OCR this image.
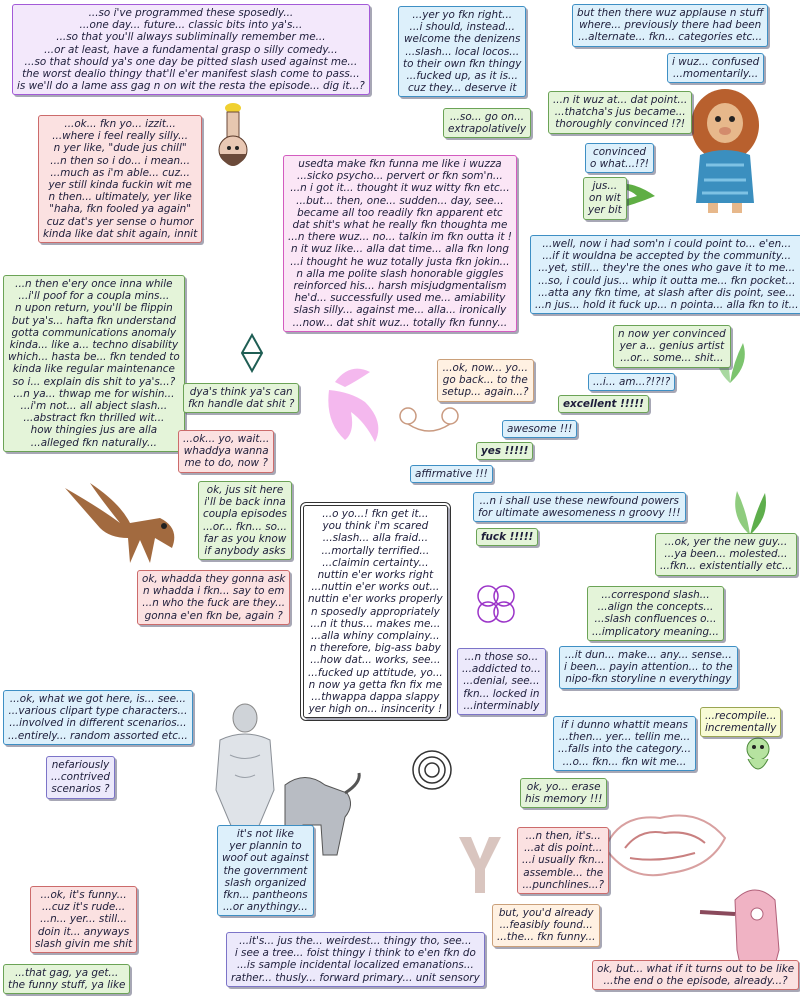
...so i've programmed these sposedly...
...one day... future... classic bits into ya's...
...so that you'll always subliminally remember me...
...or at least, have a fundamental grasp o silly comedy...
...so that should ya's one day be pitted slash used against me...
the worst dealio thingy that'll e'er manifest slash come to pass...
is we'll do a lame ass gag n on wit the resta the episode... dig it...?
...yer yo fkn right...
...i should, instead...
welcome the denizens
...slash... local locos...
to their own fkn thingy
...fucked up, as it is...
cuz they... deserve it
but then there wuz applause n stuff
where... previously there had been
...alternate... fkn... categories etc...
i wuz... confused
...momentarily...
...so... go on...
extrapolatively
...n it wuz at... dat point...
...thatcha's jus became...
thoroughly convinced !?!
convinced
o what...!?!
jus...
on wit
yer bit
...ok... fkn yo... izzit...
...where i feel really silly...
n yer like, "dude jus chill"
...n then so i do... i mean...
...much as i'm able... cuz...
yer still kinda fuckin wit me
n then... ultimately, yer like
"haha, fkn fooled ya again"
cuz dat's yer sense o humor
kinda like dat shit again, innit
usedta make fkn funna me like i wuzza
...sicko psycho... pervert or fkn som'n...
...n i got it... thought it wuz witty fkn etc...
...but... then, one... sudden... day, see...
became all too readily fkn apparent etc
dat shit's what he really fkn thoughta me
...n there wuz... no... talkin im fkn outta it !
n it wuz like... alla dat time... alla fkn long
...i thought he wuz totally justa fkn jokin...
n alla me polite slash honorable giggles
reinforced his... harsh misjudgmentalism
he'd... successfully used me... amiability
slash silly... against me... alla... ironically
...now... dat shit wuz... totally fkn funny...
...well, now i had som'n i could point to... e'en...
...if it wouldna be accepted by the community...
...yet, still... they're the ones who gave it to me...
...so, i could jus... whip it outta me... fkn pocket...
...atta any fkn time, at slash after dis point, see...
...n jus... hold it fuck up... n pointa... alla fkn to it...
...n then e'ery once inna while
...i'll poof for a coupla mins...
n upon return, you'll be flippin
but ya's... hafta fkn understand
gotta communications anomaly
kinda... like a... techno disability
which... hasta be... fkn tended to
kinda like regular maintenance
so i... explain dis shit to ya's...?
...n ya... thwap me for wishin...
...i'm not... all abject slash...
...abstract fkn thrilled wit...
how thingies jus are alla
...alleged fkn naturally...
n now yer convinced
yer a... genius artist
...or... some... shit...
...ok, now... yo...
go back... to the
setup... again...?
...i... am...?!?!?
dya's think ya's can
fkn handle dat shit ?	excellent !!!!!
awesome !!!
...ok... yo, wait...
whaddya wanna
me to do, now ?
yes !!!!!
affirmative !!!
...n i shall use these newfound powers
for ultimate awesomeness n groovy !!!
ok, jus sit here
i'll be back inna
coupla episodes
...or... fkn... so...
far as you know
if anybody asks
fuck !!!!!
...o yo...! fkn get it...
you think i'm scared
...slash... alla fraid...
...mortally terrified...
...claimin certainty...
nuttin e'er works right
...nuttin e'er works out...
nuttin e'er works properly
n sposedly appropriately
...n it thus... makes me...
...alla whiny complainy...
n therefore, big-ass baby
...how dat... works, see...
...fucked up attitude, yo...
n now ya getta fkn fix me
...thwappa dappa slappy
yer high on... insincerity !
...ok, yer the new guy...
...ya been... molested...
...fkn... existentially etc...
ok, whadda they gonna ask
n whadda i fkn... say to em
...n who the fuck are they...
gonna e'en fkn be, again ?
...correspond slash...
...align the concepts...
...slash confluences o...
...implicatory meaning...
...n those so...
...addicted to...
...denial, see...
fkn... locked in
...interminably
...it dun... make... any... sense...
i been... payin attention... to the
nipo-fkn storyline n everythingy
...ok, what we got here, is... see...
...various clipart type characters...
...involved in different scenarios...
...entirely... random assorted etc...
...recompile...
incrementally
if i dunno whattit means
...then... yer... tellin me...
...falls into the category...
...o... fkn... fkn wit me...
nefariously
...contrived
scenarios ?	ok, yo... erase
his memory !!!
it's not like
yer plannin to
woof out against
the government
slash organized
fkn... pantheons
...or anythingy...
...n then, it's...
...at dis point...
...i usually fkn...
assemble... the
...punchlines...?
...ok, it's funny...
...cuz it's rude...
...n... yer... still...
doin it... anyways
slash givin me shit
but, you'd already
...feasibly found...
...the... fkn funny...
...it's... jus the... weirdest... thingy tho, see...
i see a tree... foist thingy i think to e'en fkn do
...is sample incidental localized emanations...
rather... thusly... forward primary... unit sensory
...that gag, ya get...
the funny stuff, ya like
ok, but... what if it turns out to be like
...the end o the episode, already...?
